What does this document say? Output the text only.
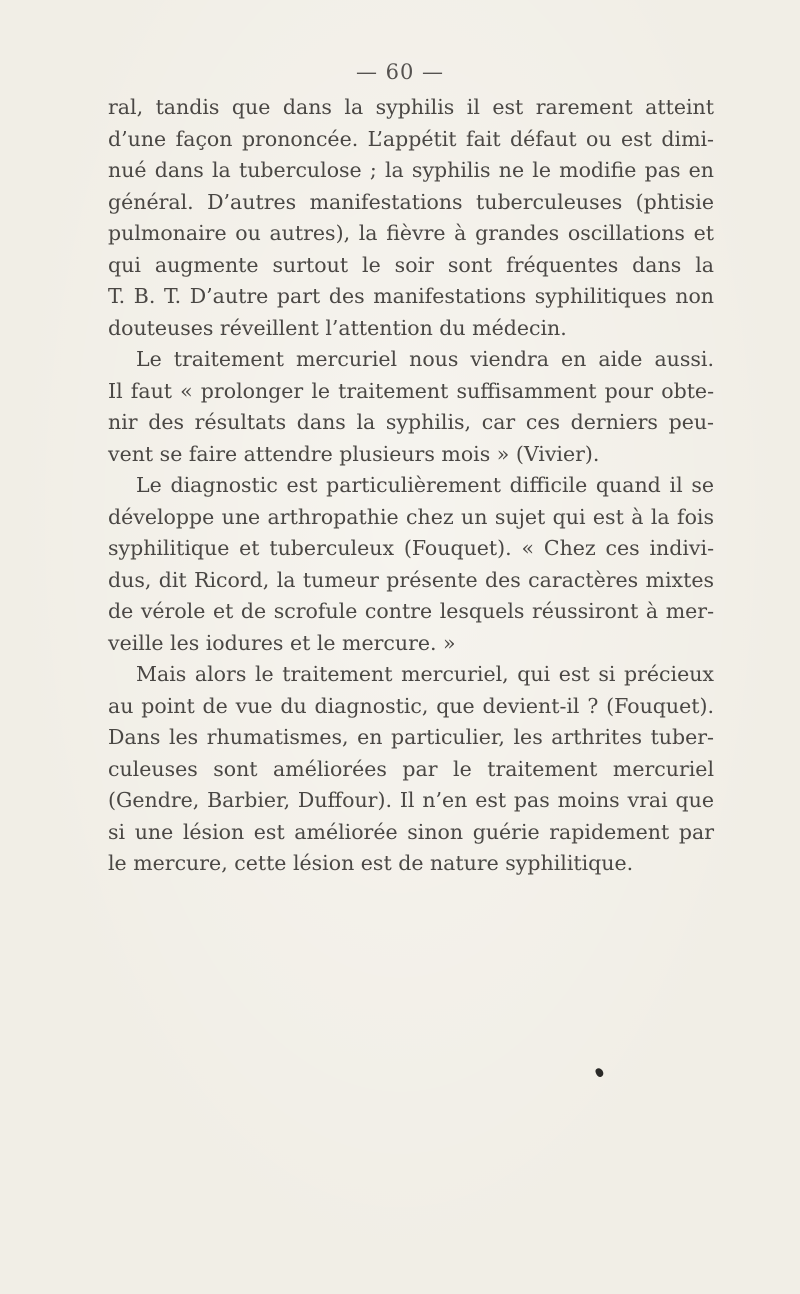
— 60 —
ral, tandis que dans la syphilis il est rarement atteint
d’une façon prononcée. L’appétit fait défaut ou est dimi-
nué dans la tuberculose ; la syphilis ne le modifie pas en
général. D’autres manifestations tuberculeuses (phtisie
pulmonaire ou autres), la fièvre à grandes oscillations et
qui augmente surtout le soir sont fréquentes dans la
T. B. T. D’autre part des manifestations syphilitiques non
douteuses réveillent l’attention du médecin.
Le traitement mercuriel nous viendra en aide aussi.
Il faut « prolonger le traitement suffisamment pour obte-
nir des résultats dans la syphilis, car ces derniers peu-
vent se faire attendre plusieurs mois » (Vivier).
Le diagnostic est particulièrement difficile quand il se
développe une arthropathie chez un sujet qui est à la fois
syphilitique et tuberculeux (Fouquet). « Chez ces indivi-
dus, dit Ricord, la tumeur présente des caractères mixtes
de vérole et de scrofule contre lesquels réussiront à mer-
veille les iodures et le mercure. »
Mais alors le traitement mercuriel, qui est si précieux
au point de vue du diagnostic, que devient-il ? (Fouquet).
Dans les rhumatismes, en particulier, les arthrites tuber-
culeuses sont améliorées par le traitement mercuriel
(Gendre, Barbier, Duffour). Il n’en est pas moins vrai que
si une lésion est améliorée sinon guérie rapidement par
le mercure, cette lésion est de nature syphilitique.
